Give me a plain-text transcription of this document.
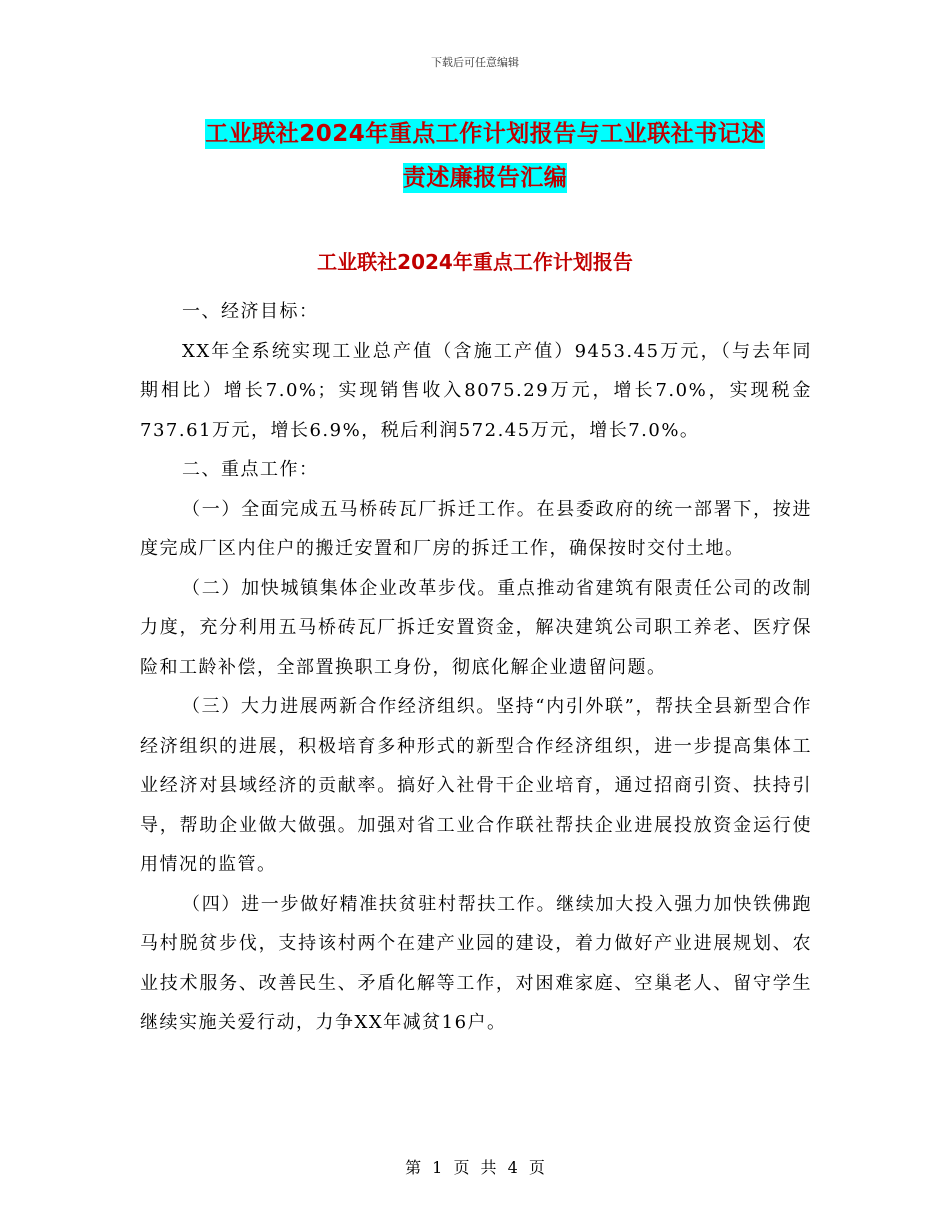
下载后可任意编辑
工业联社2024年重点工作计划报告与工业联社书记述
责述廉报告汇编
工业联社2024年重点工作计划报告

一、经济目标：

XX年全系统实现工业总产值（含施工产值）9453.45万元，（与去年同期相比）增长7.0%；实现销售收入8075.29万元，增长7.0%，实现税金737.61万元，增长6.9%，税后利润572.45万元，增长7.0%。

二、重点工作：

（一）全面完成五马桥砖瓦厂拆迁工作。在县委政府的统一部署下，按进度完成厂区内住户的搬迁安置和厂房的拆迁工作，确保按时交付土地。

（二）加快城镇集体企业改革步伐。重点推动省建筑有限责任公司的改制力度，充分利用五马桥砖瓦厂拆迁安置资金，解决建筑公司职工养老、医疗保险和工龄补偿，全部置换职工身份，彻底化解企业遗留问题。

（三）大力进展两新合作经济组织。坚持“内引外联”，帮扶全县新型合作经济组织的进展，积极培育多种形式的新型合作经济组织，进一步提高集体工业经济对县域经济的贡献率。搞好入社骨干企业培育，通过招商引资、扶持引导，帮助企业做大做强。加强对省工业合作联社帮扶企业进展投放资金运行使用情况的监管。

（四）进一步做好精准扶贫驻村帮扶工作。继续加大投入强力加快铁佛跑马村脱贫步伐，支持该村两个在建产业园的建设，着力做好产业进展规划、农业技术服务、改善民生、矛盾化解等工作，对困难家庭、空巢老人、留守学生继续实施关爱行动，力争XX年减贫16户。

第 1 页 共 4 页
